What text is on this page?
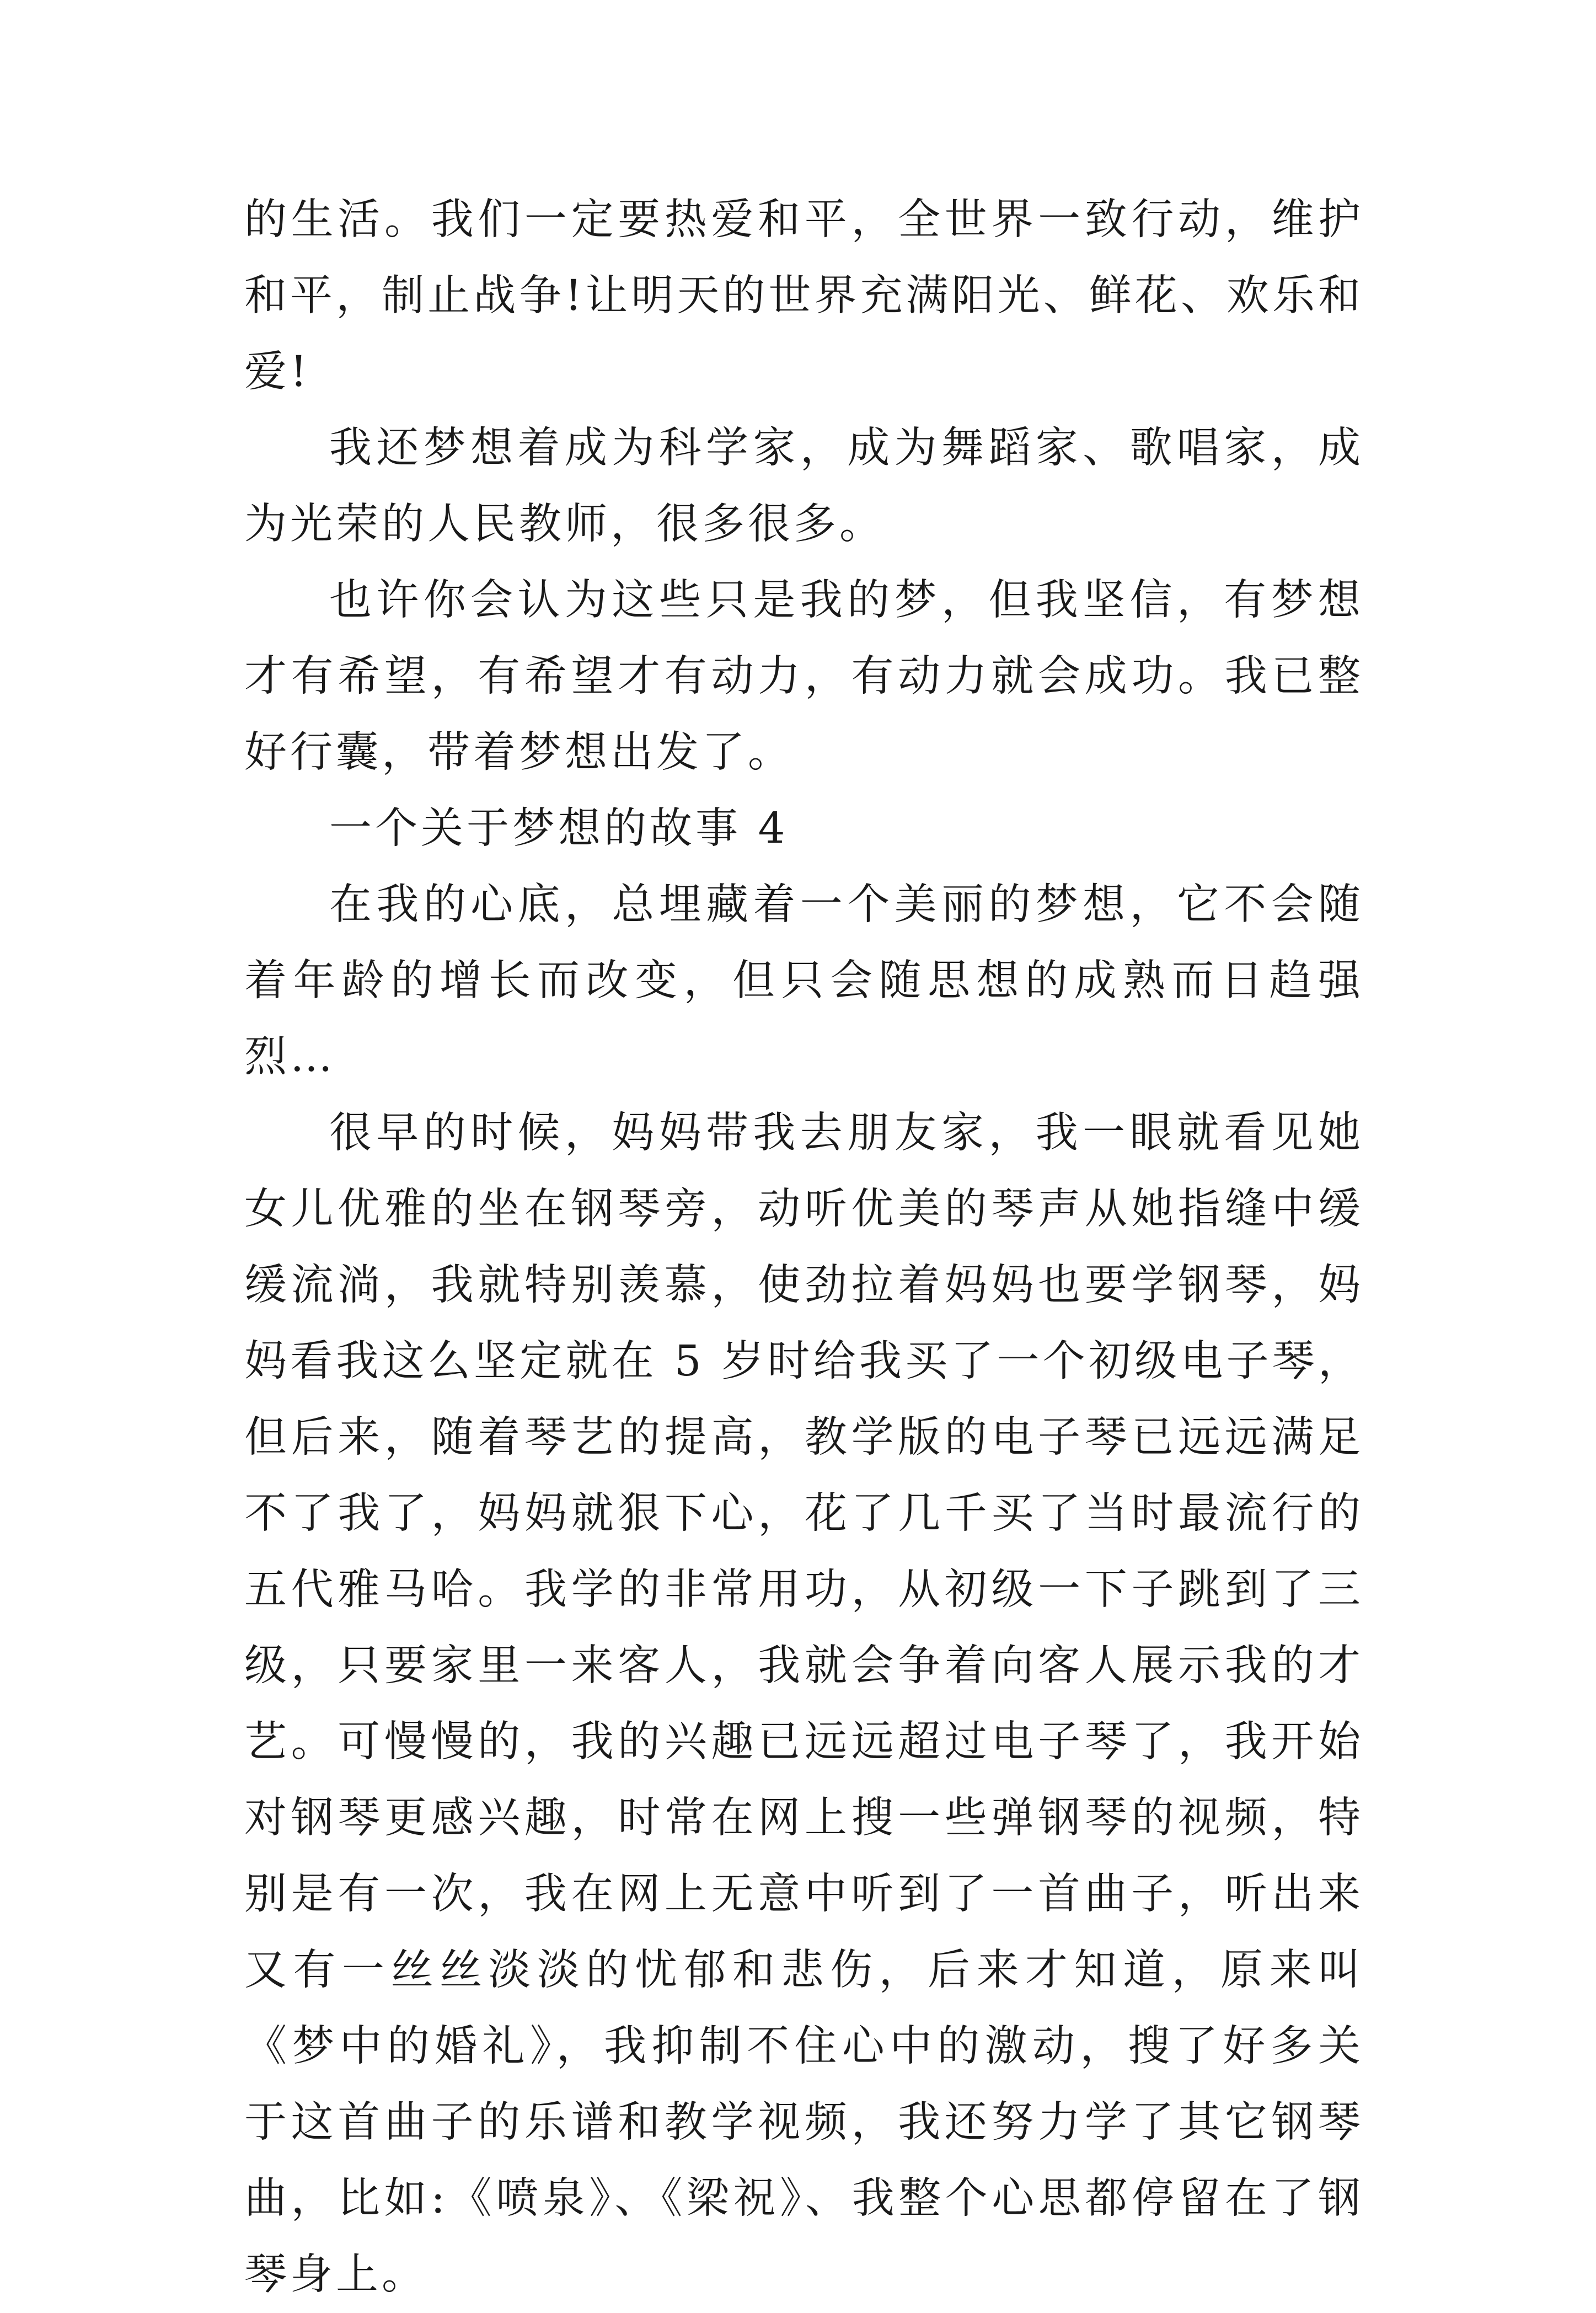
的生活。我们一定要热爱和平，全世界一致行动，维护和平，制止战争!让明天的世界充满阳光、鲜花、欢乐和爱!

我还梦想着成为科学家，成为舞蹈家、歌唱家，成为光荣的人民教师，很多很多。

也许你会认为这些只是我的梦，但我坚信，有梦想才有希望，有希望才有动力，有动力就会成功。我已整好行囊，带着梦想出发了。

一个关于梦想的故事 4

在我的心底，总埋藏着一个美丽的梦想，它不会随着年龄的增长而改变，但只会随思想的成熟而日趋强烈…

很早的时候，妈妈带我去朋友家，我一眼就看见她女儿优雅的坐在钢琴旁，动听优美的琴声从她指缝中缓缓流淌，我就特别羡慕，使劲拉着妈妈也要学钢琴，妈妈看我这么坚定就在 5 岁时给我买了一个初级电子琴，但后来，随着琴艺的提高，教学版的电子琴已远远满足不了我了，妈妈就狠下心，花了几千买了当时最流行的五代雅马哈。我学的非常用功，从初级一下子跳到了三级，只要家里一来客人，我就会争着向客人展示我的才艺。可慢慢的，我的兴趣已远远超过电子琴了，我开始对钢琴更感兴趣，时常在网上搜一些弹钢琴的视频，特别是有一次，我在网上无意中听到了一首曲子，听出来又有一丝丝淡淡的忧郁和悲伤，后来才知道，原来叫《梦中的婚礼》，我抑制不住心中的激动，搜了好多关于这首曲子的乐谱和教学视频，我还努力学了其它钢琴曲，比如:《喷泉》、《梁祝》、我整个心思都停留在了钢琴身上。
